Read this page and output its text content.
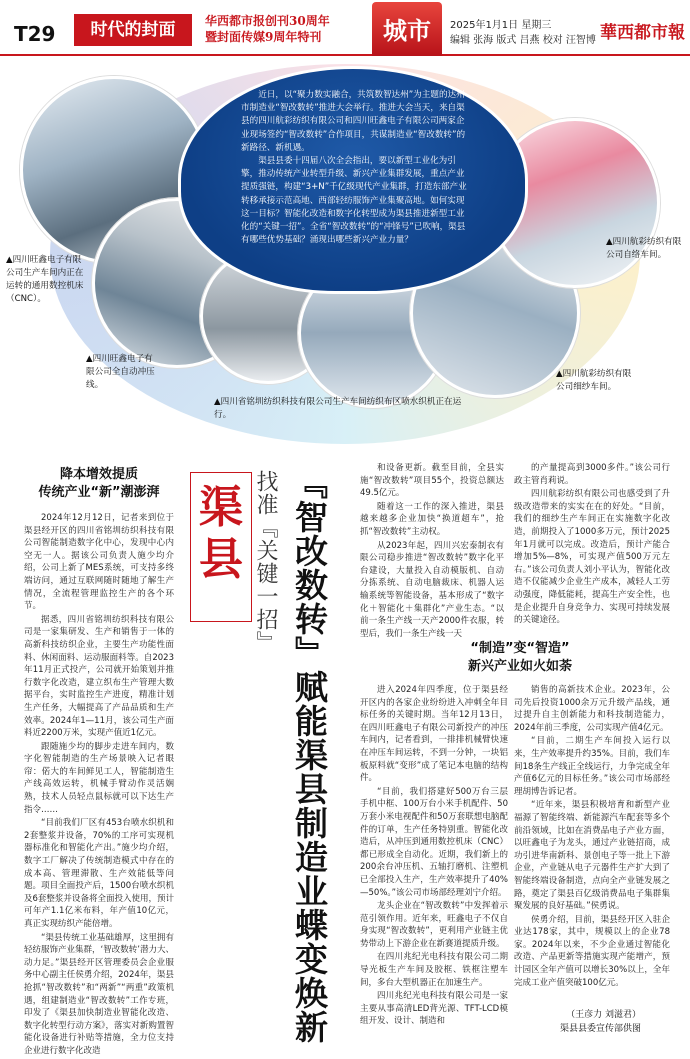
T29	时代的封面	华西都市报创刊30周年
暨封面传媒9周年特刊	城市	2025年1月1日 星期三
编辑 张海 版式 吕燕 校对 汪智博 華西都市報

近日，以“聚力数实融合，共筑数智达州”为主题的达州市制造业“智改数转”推进大会举行。推进大会当天，来自渠县的四川航彩纺织有限公司和四川旺鑫电子有限公司两家企业现场签约“智改数转”合作项目，共谋制造业“智改数转”的新路径、新机遇。

渠县县委十四届八次全会指出，要以新型工业化为引擎，推动传统产业转型升级、新兴产业集群发展，重点产业提质强链，构建“3+N”千亿级现代产业集群，打造东部产业转移承接示范高地、西部轻纺服饰产业集聚高地。如何实现这一目标？智能化改造和数字化转型成为渠县推进新型工业化的“关键一招”。全省“智改数转”的“冲锋号”已吹响，渠县有哪些优势基础？涌现出哪些新兴产业力量？

▲四川旺鑫电子有限公司生产车间内正在运转的通用数控机床（CNC）。
▲四川旺鑫电子有限公司全自动冲压线。
▲四川省铭圳纺织科技有限公司生产车间纺织布区喷水织机正在运行。
▲四川航彩纺织有限公司自络车间。
▲四川航彩纺织有限公司细纱车间。
降本增效提质
传统产业“新”潮澎湃

2024年12月12日，记者来到位于渠县经开区的四川省铭圳纺织科技有限公司智能制造数字化中心，发现中心内空无一人。据该公司负责人施少均介绍，公司上新了MES系统，可支持多终端访问，通过互联网随时随地了解生产情况，全流程管理监控生产的各个环节。

据悉，四川省铭圳纺织科技有限公司是一家集研发、生产和销售于一体的高新科技纺织企业，主要生产功能性面料、休闲面料、运动服面料等。自2023年11月正式投产，公司就开始策划并推行数字化改造，建立织布生产管理大数据平台，实时监控生产进度，精准计划生产任务，大幅提高了产品品质和生产效率。2024年1—11月，该公司生产面料近2200万米，实现产值近1亿元。

跟随施少均的脚步走进车间内，数字化智能制造的生产场景映入记者眼帘：偌大的车间鲜见工人，智能制造生产线高效运转，机械手臂动作灵活娴熟，技术人员轻点鼠标就可以下达生产指令……

“目前我们厂区有453台喷水织机和2套整浆并设备，70%的工序可实现机器标准化和智能化产出。”施少均介绍，数字工厂解决了传统制造模式中存在的成本高、管理滞散、生产效能低等问题。项目全面投产后，1500台喷水织机及6套整浆并设备将全面投入使用，预计可年产1.1亿米布料，年产值10亿元，真正实现纺织产能倍增。

“渠县传统工业基础雄厚，这里拥有轻纺服饰产业集群，‘智改数转’潜力大、动力足。”渠县经开区管理委员会企业服务中心副主任侯勇介绍，2024年，渠县抢抓“智改数转”和“两新”“两重”政策机遇，组建制造业“智改数转”工作专班，印发了《渠县加快制造业智能化改造、数字化转型行动方案》，落实对新购置智能化设备进行补贴等措施，全力位支持企业进行数字化改造

渠县 找准『关键一招』 『智改数转』赋能渠县制造业蝶变焕新	和设备更新。截至目前，全县实施“智改数转”项目55个，投资总额达49.5亿元。

随着这一工作的深入推进，渠县越来越多企业加快“换道超车”，抢抓“智改数转”主动权。

从2023年起，四川兴宏泰制衣有限公司稳步推进“智改数转”数字化平台建设，大量投入自动模版机、自动分拣系统、自动电脑裁床、机器人运输系统等智能设备，基本形成了“数字化＋智能化＋集群化”产业生态。“以前一条生产线一天产2000件衣服，转型后，我们一条生产线一天

的产量提高到3000多件。”该公司行政主管肖莉说。

四川航彩纺织有限公司也感受到了升级改造带来的实实在在的好处。“目前，我们的细纱生产车间正在实施数字化改造，前期投入了1000多万元，预计2025年1月就可以完成。改造后，预计产能合增加5%—8%，可实现产值500万元左右。”该公司负责人刘小平认为，智能化改造不仅能减少企业生产成本，减轻人工劳动强度，降低能耗，提高生产安全性，也是企业提升自身竞争力、实现可持续发展的关键途径。

“制造”变“智造”
新兴产业如火如荼

进入2024年四季度，位于渠县经开区内的各家企业纷纷进入冲刺全年目标任务的关键时期。当年12月13日，在四川旺鑫电子有限公司新投产的冲压车间内，记者看到，一排排机械臂快速在冲压车间运转，不到一分钟，一块铝板原料就“变形”成了笔记本电脑的结构件。

“目前，我们搭建好500万台三层手机中框、100万台小米手机配件、50万套小米电视配件和50万套联想电脑配件的订单，生产任务特别重。智能化改造后，从冲压到通用数控机床（CNC）都已形成全自动化。近期，我们新上的200余台冲压机、五轴打磨机、注塑机已全部投入生产，生产效率提升了40%—50%。”该公司市场部经理刘宁介绍。

龙头企业在“智改数转”中发挥着示范引领作用。近年来，旺鑫电子不仅自身实现“智改数转”，更利用产业链主优势带动上下游企业在新赛道提质升级。

在四川兆纪光电科技有限公司二期导光板生产车间及胶框、铁框注塑车间，多台大型机器正在加速生产。

四川兆纪光电科技有限公司是一家主要从事高清LED背光源、TFT-LCD模组开发、设计、制造和

销售的高新技术企业。2023年，公司先后投资1000余万元升级产品线，通过提升自主创新能力和科技制造能力，2024年前三季度，公司实现产值4亿元。

“目前，二期生产车间投入运行以来，生产效率提升约35%。目前，我们车间18条生产线正全线运行，力争完成全年产值6亿元的目标任务。”该公司市场部经理胡博告诉记者。

“近年来，渠县积极培育和新型产业福源了智能终端、新能源汽车配套等多个前沿领域，比如在消费品电子产业方面，以旺鑫电子为龙头，通过产业链招商，成功引进华南新科、景创电子等一批上下游企业，产业链从电子元器件生产扩大到了智能终端设备制造，点向全产业链发展之路，奠定了渠县百亿级消费品电子集群集聚发展的良好基础。”侯勇说。

侯勇介绍，目前，渠县经开区入驻企业达178家，其中，规模以上的企业78家。2024年以来，不少企业通过智能化改造、产品更新等措施实现产能增产，预计园区全年产值可以增长30%以上，全年完成工业产值突破100亿元。

（王彦力 刘滋君）
渠县县委宣传部供图
